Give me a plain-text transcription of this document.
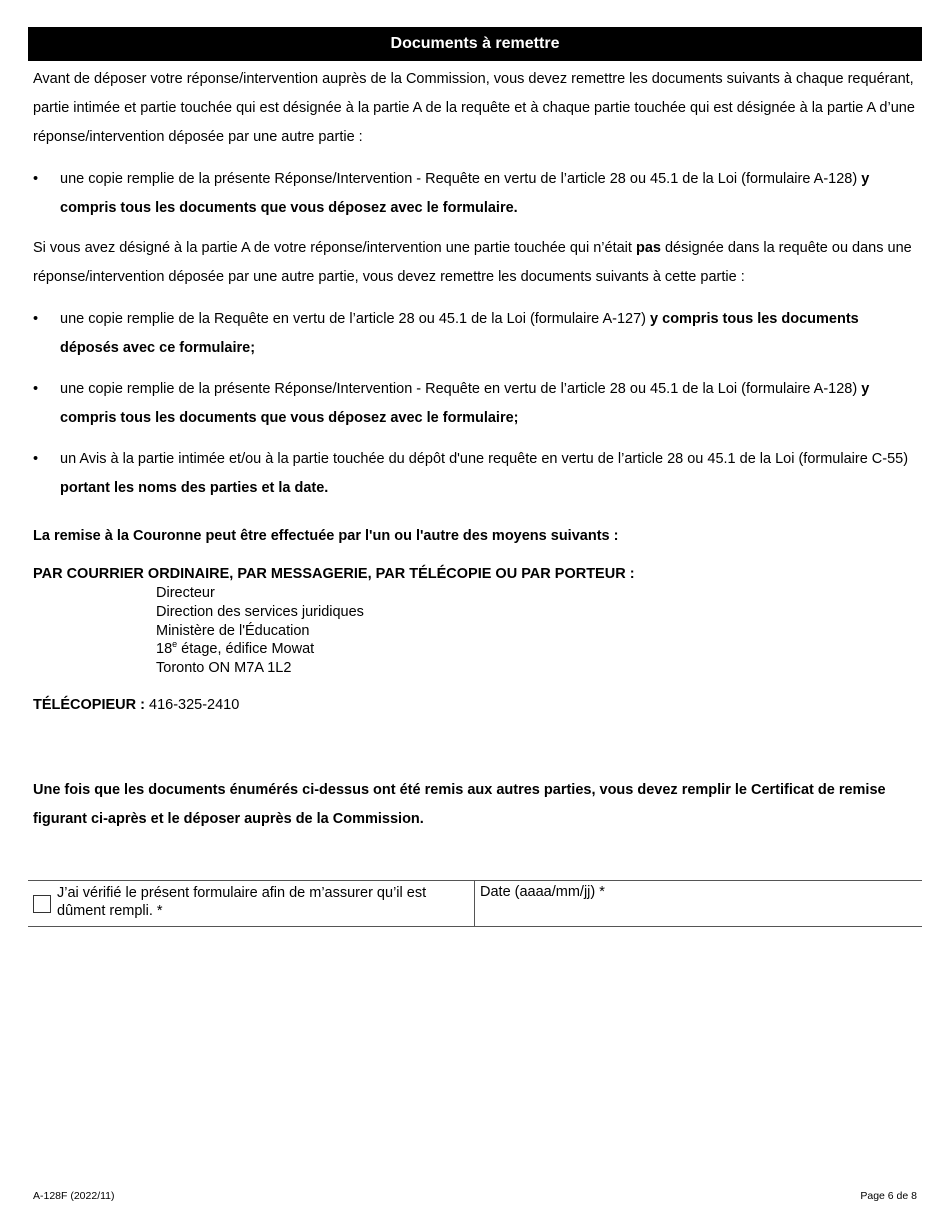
Documents à remettre
Avant de déposer votre réponse/intervention auprès de la Commission, vous devez remettre les documents suivants à chaque requérant, partie intimée et partie touchée qui est désignée à la partie A de la requête et à chaque partie touchée qui est désignée à la partie A d’une réponse/intervention déposée par une autre partie :
• une copie remplie de la présente Réponse/Intervention - Requête en vertu de l’article 28 ou 45.1 de la Loi (formulaire A-128) y compris tous les documents que vous déposez avec le formulaire.
Si vous avez désigné à la partie A de votre réponse/intervention une partie touchée qui n’était pas désignée dans la requête ou dans une réponse/intervention déposée par une autre partie, vous devez remettre les documents suivants à cette partie :
• une copie remplie de la Requête en vertu de l’article 28 ou 45.1 de la Loi (formulaire A-127) y compris tous les documents déposés avec ce formulaire;
• une copie remplie de la présente Réponse/Intervention - Requête en vertu de l’article 28 ou 45.1 de la Loi (formulaire A-128) y compris tous les documents que vous déposez avec le formulaire;
• un Avis à la partie intimée et/ou à la partie touchée du dépôt d'une requête en vertu de l’article 28 ou 45.1 de la Loi (formulaire C-55) portant les noms des parties et la date.
La remise à la Couronne peut être effectuée par l'un ou l'autre des moyens suivants :
PAR COURRIER ORDINAIRE, PAR MESSAGERIE, PAR TÉLÉCOPIE OU PAR PORTEUR :
Directeur
Direction des services juridiques
Ministère de l'Éducation
18e étage, édifice Mowat
Toronto ON M7A 1L2
TÉLÉCOPIEUR : 416-325-2410
Une fois que les documents énumérés ci-dessus ont été remis aux autres parties, vous devez remplir le Certificat de remise figurant ci-après et le déposer auprès de la Commission.
J’ai vérifié le présent formulaire afin de m’assurer qu’il est dûment rempli. *
Date (aaaa/mm/jj) *
A-128F (2022/11)	Page 6 de 8
